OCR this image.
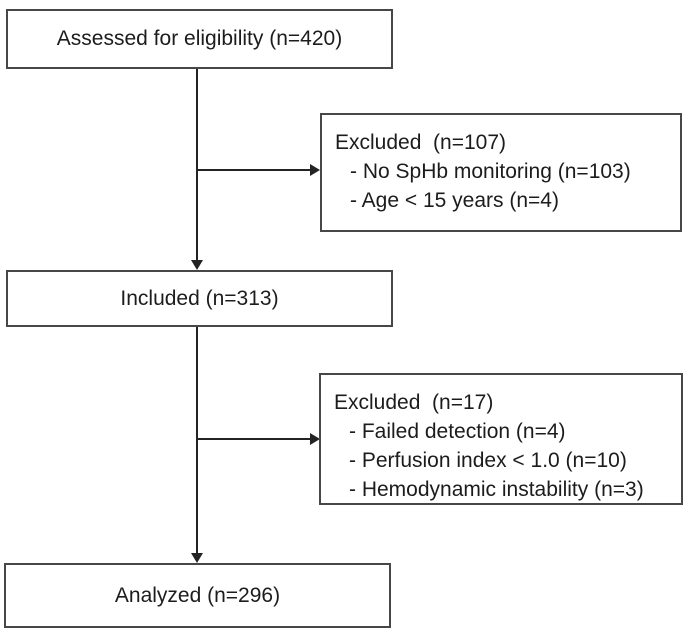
Assessed for eligibility (n=420)
Excluded  (n=107)
- No SpHb monitoring (n=103)
- Age < 15 years (n=4)
Included (n=313)
Excluded  (n=17)
- Failed detection (n=4)
- Perfusion index < 1.0 (n=10)
- Hemodynamic instability (n=3)
Analyzed (n=296)
